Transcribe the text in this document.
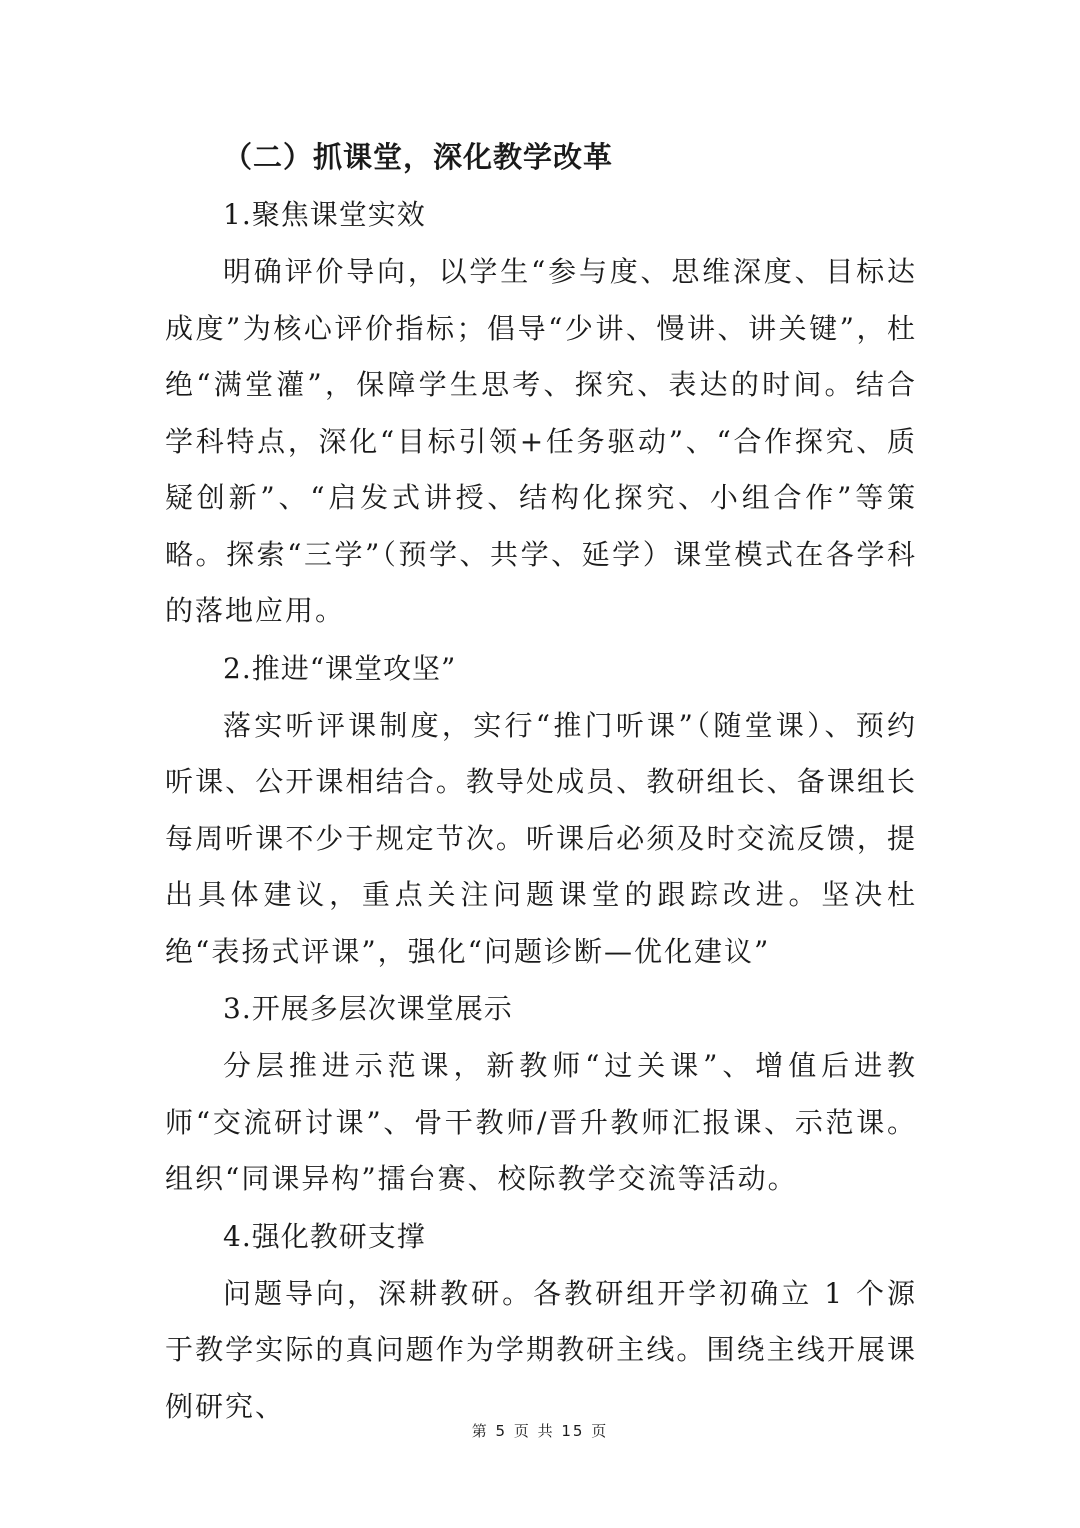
（二）抓课堂，深化教学改革

1.聚焦课堂实效

明确评价导向，以学生“参与度、思维深度、目标达成度”为核心评价指标；倡导“少讲、慢讲、讲关键”，杜绝“满堂灌”，保障学生思考、探究、表达的时间。结合学科特点，深化“目标引领+任务驱动”、“合作探究、质疑创新”、“启发式讲授、结构化探究、小组合作”等策略。探索“三学”（预学、共学、延学）课堂模式在各学科的落地应用。

2.推进“课堂攻坚”

落实听评课制度，实行“推门听课”（随堂课）、预约听课、公开课相结合。教导处成员、教研组长、备课组长每周听课不少于规定节次。听课后必须及时交流反馈，提出具体建议，重点关注问题课堂的跟踪改进。坚决杜绝“表扬式评课”，强化“问题诊断—优化建议”

3.开展多层次课堂展示

分层推进示范课，新教师“过关课”、增值后进教师“交流研讨课”、骨干教师/晋升教师汇报课、示范课。组织“同课异构”擂台赛、校际教学交流等活动。

4.强化教研支撑

问题导向，深耕教研。各教研组开学初确立 1 个源于教学实际的真问题作为学期教研主线。围绕主线开展课例研究、

第 5 页 共 15 页
